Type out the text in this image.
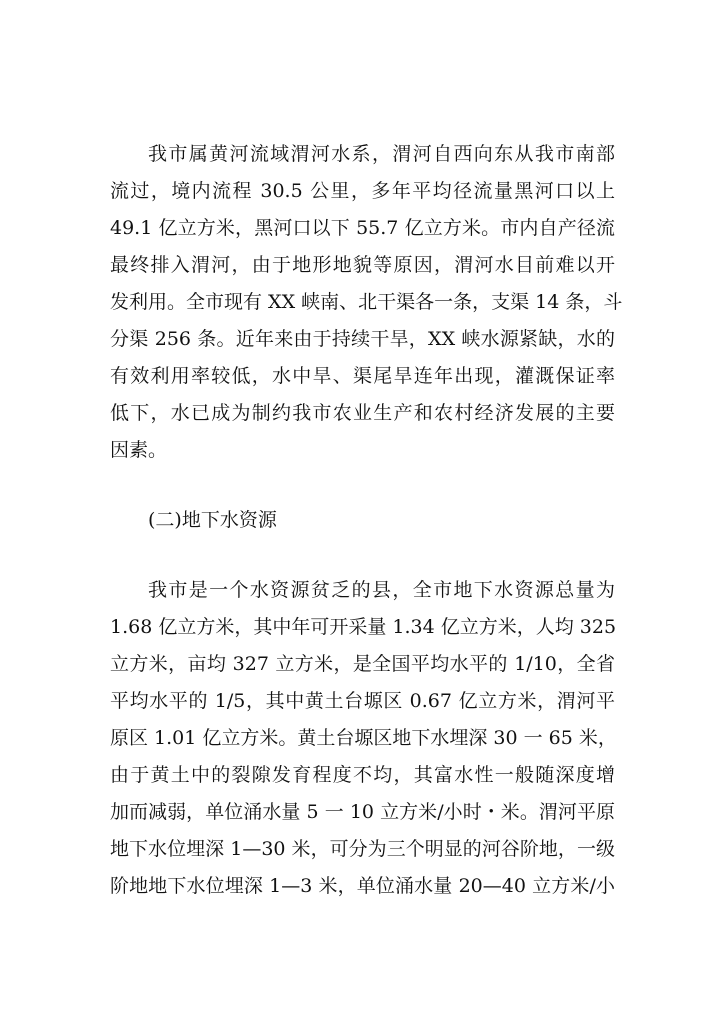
我市属黄河流域渭河水系，渭河自西向东从我市南部
流过，境内流程 30.5 公里，多年平均径流量黑河口以上
49.1 亿立方米，黑河口以下 55.7 亿立方米。市内自产径流
最终排入渭河，由于地形地貌等原因，渭河水目前难以开
发利用。全市现有 XX 峡南、北干渠各一条，支渠 14 条，斗
分渠 256 条。近年来由于持续干旱，XX 峡水源紧缺，水的
有效利用率较低，水中旱、渠尾旱连年出现，灌溉保证率
低下，水已成为制约我市农业生产和农村经济发展的主要
因素。
(二)地下水资源
我市是一个水资源贫乏的县，全市地下水资源总量为
1.68 亿立方米，其中年可开采量 1.34 亿立方米，人均 325
立方米，亩均 327 立方米，是全国平均水平的 1/10，全省
平均水平的 1/5，其中黄土台塬区 0.67 亿立方米，渭河平
原区 1.01 亿立方米。黄土台塬区地下水埋深 30 一 65 米，
由于黄土中的裂隙发育程度不均，其富水性一般随深度增
加而减弱，单位涌水量 5 一 10 立方米/小时・米。渭河平原
地下水位埋深 1—30 米，可分为三个明显的河谷阶地，一级
阶地地下水位埋深 1—3 米，单位涌水量 20—40 立方米/小
